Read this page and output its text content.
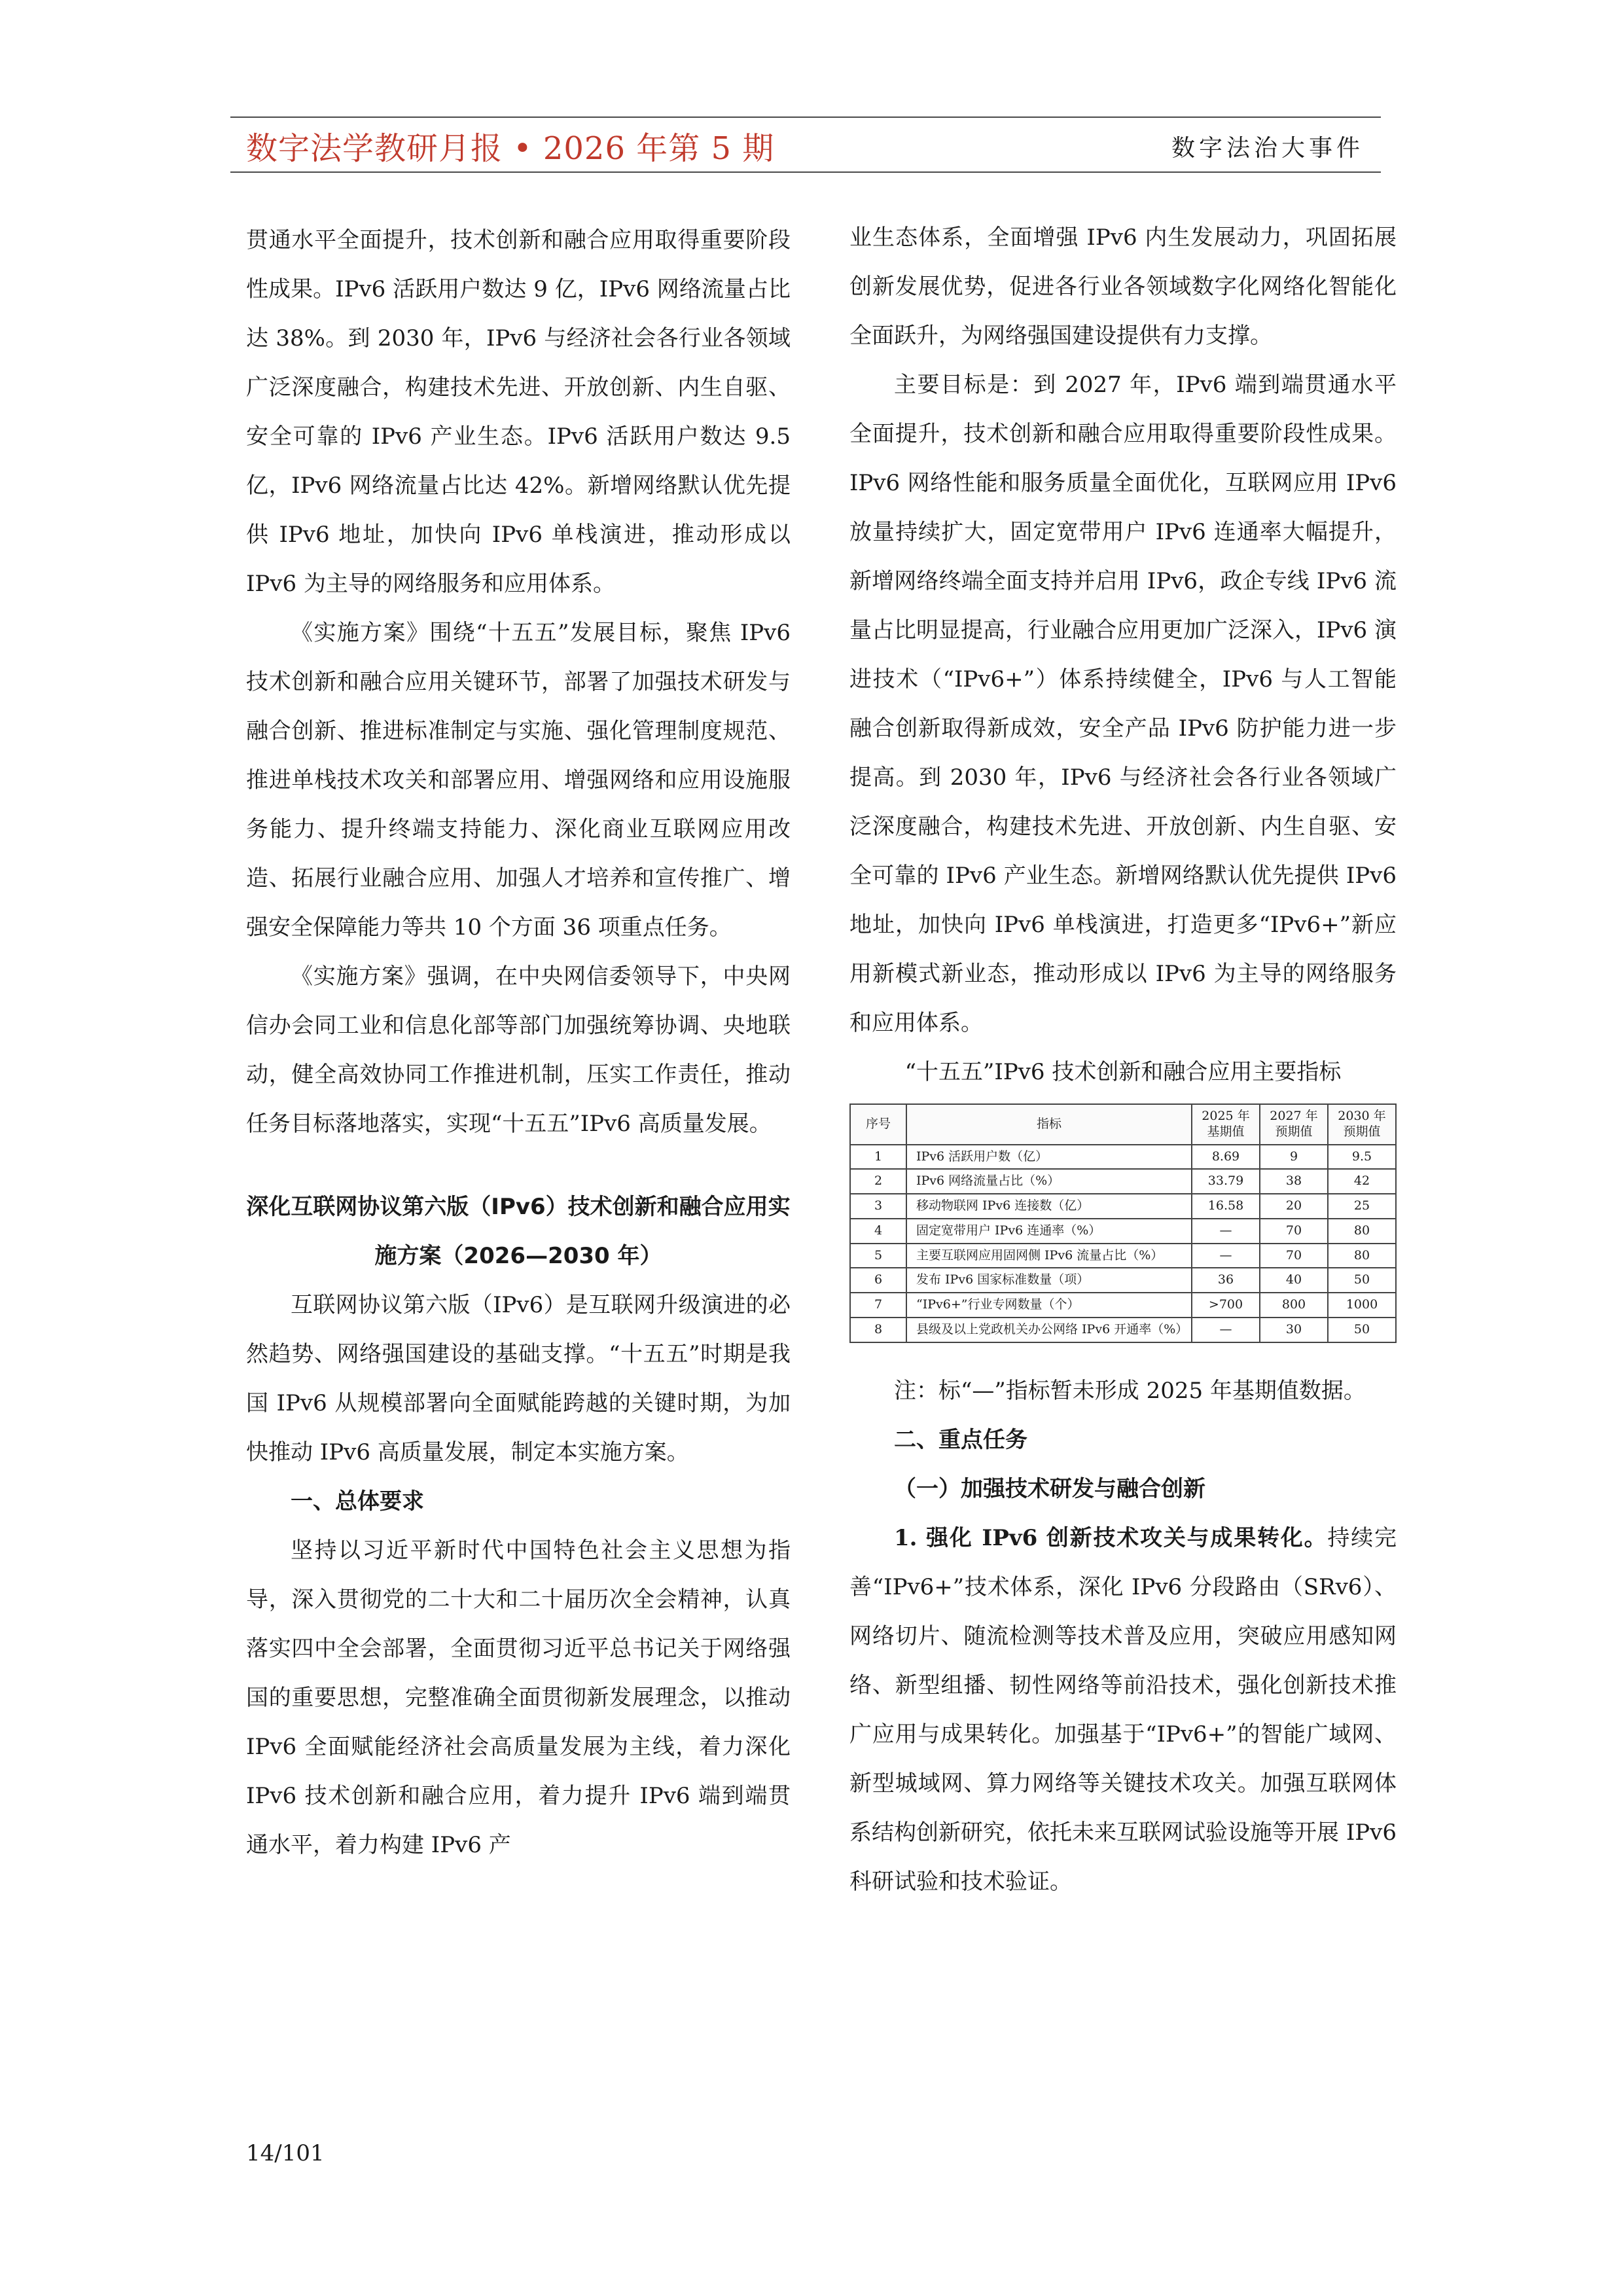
数字法学教研月报 • 2026 年第 5 期	数字法治大事件

贯通水平全面提升，技术创新和融合应用取得重要阶段性成果。IPv6 活跃用户数达 9 亿，IPv6 网络流量占比达 38%。到 2030 年，IPv6 与经济社会各行业各领域广泛深度融合，构建技术先进、开放创新、内生自驱、安全可靠的 IPv6 产业生态。IPv6 活跃用户数达 9.5 亿，IPv6 网络流量占比达 42%。新增网络默认优先提供 IPv6 地址，加快向 IPv6 单栈演进，推动形成以 IPv6 为主导的网络服务和应用体系。

《实施方案》围绕“十五五”发展目标，聚焦 IPv6 技术创新和融合应用关键环节，部署了加强技术研发与融合创新、推进标准制定与实施、强化管理制度规范、推进单栈技术攻关和部署应用、增强网络和应用设施服务能力、提升终端支持能力、深化商业互联网应用改造、拓展行业融合应用、加强人才培养和宣传推广、增强安全保障能力等共 10 个方面 36 项重点任务。

《实施方案》强调，在中央网信委领导下，中央网信办会同工业和信息化部等部门加强统筹协调、央地联动，健全高效协同工作推进机制，压实工作责任，推动任务目标落地落实，实现“十五五”IPv6 高质量发展。

深化互联网协议第六版（IPv6）技术创新和融合应用实施方案（2026—2030 年）

互联网协议第六版（IPv6）是互联网升级演进的必然趋势、网络强国建设的基础支撑。“十五五”时期是我国 IPv6 从规模部署向全面赋能跨越的关键时期，为加快推动 IPv6 高质量发展，制定本实施方案。

一、总体要求

坚持以习近平新时代中国特色社会主义思想为指导，深入贯彻党的二十大和二十届历次全会精神，认真落实四中全会部署，全面贯彻习近平总书记关于网络强国的重要思想，完整准确全面贯彻新发展理念，以推动 IPv6 全面赋能经济社会高质量发展为主线，着力深化 IPv6 技术创新和融合应用，着力提升 IPv6 端到端贯通水平，着力构建 IPv6 产

业生态体系，全面增强 IPv6 内生发展动力，巩固拓展创新发展优势，促进各行业各领域数字化网络化智能化全面跃升，为网络强国建设提供有力支撑。

主要目标是：到 2027 年，IPv6 端到端贯通水平全面提升，技术创新和融合应用取得重要阶段性成果。IPv6 网络性能和服务质量全面优化，互联网应用 IPv6 放量持续扩大，固定宽带用户 IPv6 连通率大幅提升，新增网络终端全面支持并启用 IPv6，政企专线 IPv6 流量占比明显提高，行业融合应用更加广泛深入，IPv6 演进技术（“IPv6+”）体系持续健全，IPv6 与人工智能融合创新取得新成效，安全产品 IPv6 防护能力进一步提高。到 2030 年，IPv6 与经济社会各行业各领域广泛深度融合，构建技术先进、开放创新、内生自驱、安全可靠的 IPv6 产业生态。新增网络默认优先提供 IPv6 地址，加快向 IPv6 单栈演进，打造更多“IPv6+”新应用新模式新业态，推动形成以 IPv6 为主导的网络服务和应用体系。

“十五五”IPv6 技术创新和融合应用主要指标

序号	指标	2025 年基期值	2027 年预期值	2030 年预期值
1	IPv6 活跃用户数（亿）	8.69	9	9.5
2	IPv6 网络流量占比（%）	33.79	38	42
3	移动物联网 IPv6 连接数（亿）	16.58	20	25
4	固定宽带用户 IPv6 连通率（%）	—	70	80
5	主要互联网应用固网侧 IPv6 流量占比（%）	—	70	80
6	发布 IPv6 国家标准数量（项）	36	40	50
7	“IPv6+”行业专网数量（个）	>700	800	1000
8	县级及以上党政机关办公网络 IPv6 开通率（%）	—	30	50

注：标“—”指标暂未形成 2025 年基期值数据。

二、重点任务

（一）加强技术研发与融合创新

1. 强化 IPv6 创新技术攻关与成果转化。持续完善“IPv6+”技术体系，深化 IPv6 分段路由（SRv6）、网络切片、随流检测等技术普及应用，突破应用感知网络、新型组播、韧性网络等前沿技术，强化创新技术推广应用与成果转化。加强基于“IPv6+”的智能广域网、新型城域网、算力网络等关键技术攻关。加强互联网体系结构创新研究，依托未来互联网试验设施等开展 IPv6 科研试验和技术验证。

14/101
